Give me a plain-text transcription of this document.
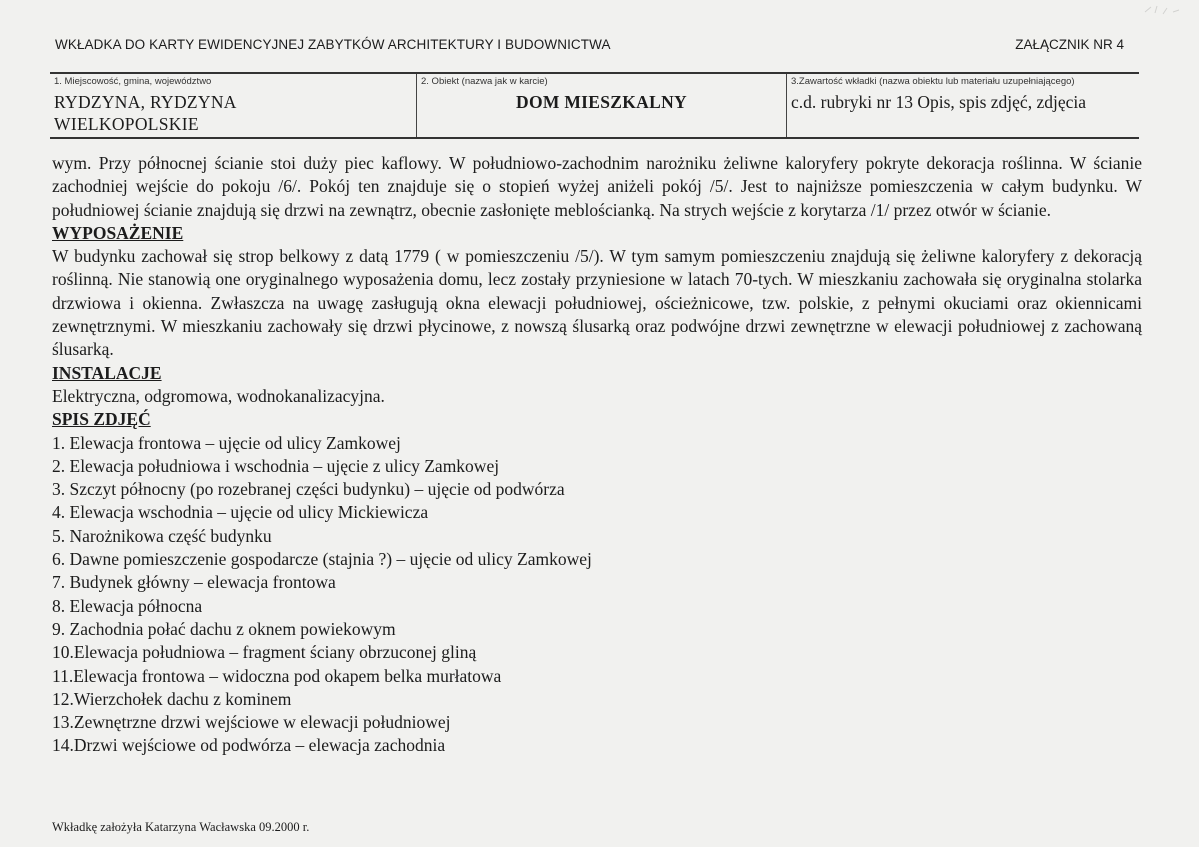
WKŁADKA DO KARTY EWIDENCYJNEJ ZABYTKÓW ARCHITEKTURY I BUDOWNICTWA	ZAŁĄCZNIK NR 4
1. Miejscowość, gmina, województwo
RYDZYNA, RYDZYNA
WIELKOPOLSKIE
2. Obiekt (nazwa jak w karcie)
DOM MIESZKALNY
3.Zawartość wkładki (nazwa obiektu lub materiału uzupełniającego)
c.d. rubryki nr 13 Opis, spis zdjęć, zdjęcia

wym. Przy północnej ścianie stoi duży piec kaflowy. W południowo-zachodnim narożniku żeliwne kaloryfery pokryte dekoracja roślinna. W ścianie zachodniej wejście do pokoju /6/. Pokój ten znajduje się o stopień wyżej aniżeli pokój /5/. Jest to najniższe pomieszczenia w całym budynku. W południowej ścianie znajdują się drzwi na zewnątrz, obecnie zasłonięte meblościanką. Na strych wejście z korytarza /1/ przez otwór w ścianie.

WYPOSAŻENIE

W budynku zachował się strop belkowy z datą 1779 ( w pomieszczeniu /5/). W tym samym pomieszczeniu znajdują się żeliwne kaloryfery z dekoracją roślinną. Nie stanowią one oryginalnego wyposażenia domu, lecz zostały przyniesione w latach 70-tych. W mieszkaniu zachowała się oryginalna stolarka drzwiowa i okienna. Zwłaszcza na uwagę zasługują okna elewacji południowej, ościeżnicowe, tzw. polskie, z pełnymi okuciami oraz okiennicami zewnętrznymi. W mieszkaniu zachowały się drzwi płycinowe, z nowszą ślusarką oraz podwójne drzwi zewnętrzne w elewacji południowej z zachowaną ślusarką.

INSTALACJE

Elektryczna, odgromowa, wodnokanalizacyjna.

SPIS ZDJĘĆ

1. Elewacja frontowa – ujęcie od ulicy Zamkowej
2. Elewacja południowa i wschodnia – ujęcie z ulicy Zamkowej
3. Szczyt północny (po rozebranej części budynku) – ujęcie od podwórza
4. Elewacja wschodnia – ujęcie od ulicy Mickiewicza
5. Narożnikowa część budynku
6. Dawne pomieszczenie gospodarcze (stajnia ?) – ujęcie od ulicy Zamkowej
7. Budynek główny – elewacja frontowa
8. Elewacja północna
9. Zachodnia połać dachu z oknem powiekowym
10.Elewacja południowa – fragment ściany obrzuconej gliną
11.Elewacja frontowa – widoczna pod okapem belka murłatowa
12.Wierzchołek dachu z kominem
13.Zewnętrzne drzwi wejściowe w elewacji południowej
14.Drzwi wejściowe od podwórza – elewacja zachodnia
Wkładkę założyła Katarzyna Wacławska 09.2000 r.
